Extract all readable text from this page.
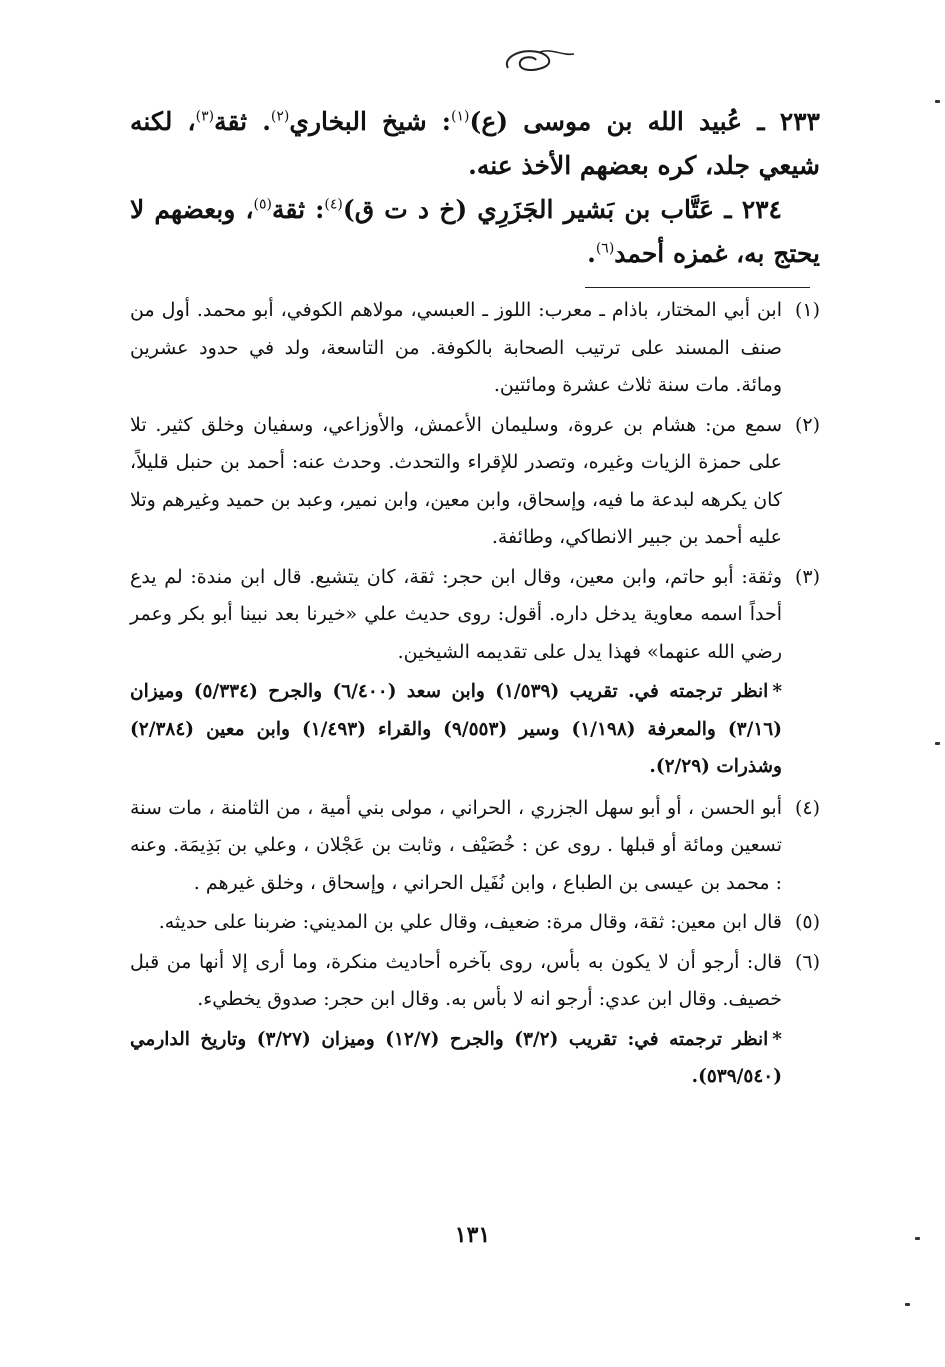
٢٣٣ ـ عُبيد الله بن موسى (ع)$^{(١)}$: شيخ البخاري$^{(٢)}$. ثقة$^{(٣)}$، لكنه شيعي جلد، كره بعضهم الأخذ عنه.

٢٣٤ ـ عَتَّاب بن بَشير الجَزَرِي (خ د ت ق)$^{(٤)}$: ثقة$^{(٥)}$، وبعضهم لا يحتج به، غمزه أحمد$^{(٦)}$.

(١)
ابن أبي المختار، باذام ـ معرب: اللوز ـ العبسي، مولاهم الكوفي، أبو محمد. أول من صنف المسند على ترتيب الصحابة بالكوفة. من التاسعة، ولد في حدود عشرين ومائة. مات سنة ثلاث عشرة ومائتين.

(٢)
سمع من: هشام بن عروة، وسليمان الأعمش، والأوزاعي، وسفيان وخلق كثير. تلا على حمزة الزيات وغيره، وتصدر للإقراء والتحدث. وحدث عنه: أحمد بن حنبل قليلاً، كان يكرهه لبدعة ما فيه، وإسحاق، وابن معين، وابن نمير، وعبد بن حميد وغيرهم وتلا عليه أحمد بن جبير الانطاكي، وطائفة.

(٣)
وثقة: أبو حاتم، وابن معين، وقال ابن حجر: ثقة، كان يتشيع. قال ابن مندة: لم يدع أحداً اسمه معاوية يدخل داره. أقول: روى حديث علي «خيرنا بعد نبينا أبو بكر وعمر رضي الله عنهما» فهذا يدل على تقديمه الشيخين.

*انظر ترجمته في. تقريب (١/٥٣٩) وابن سعد (٦/٤٠٠) والجرح (٥/٣٣٤) وميزان (٣/١٦) والمعرفة (١/١٩٨) وسير (٩/٥٥٣) والقراء (١/٤٩٣) وابن معين (٢/٣٨٤) وشذرات (٢/٢٩).

(٤)
أبو الحسن ، أو أبو سهل الجزري ، الحراني ، مولى بني أمية ، من الثامنة ، مات سنة تسعين ومائة أو قبلها . روى عن : خُصَيْف ، وثابت بن عَجْلان ، وعلي بن بَذِيمَة. وعنه : محمد بن عيسى بن الطباع ، وابن نُفَيل الحراني ، وإسحاق ، وخلق غيرهم .

(٥)
قال ابن معين: ثقة، وقال مرة: ضعيف، وقال علي بن المديني: ضربنا على حديثه.

(٦)
قال: أرجو أن لا يكون به بأس، روى بآخره أحاديث منكرة، وما أرى إلا أنها من قبل خصيف. وقال ابن عدي: أرجو انه لا بأس به. وقال ابن حجر: صدوق يخطيء.

*انظر ترجمته في: تقريب (٣/٢) والجرح (١٢/٧) وميزان (٣/٢٧) وتاريخ الدارمي (٥٣٩/٥٤٠).

١٣١
